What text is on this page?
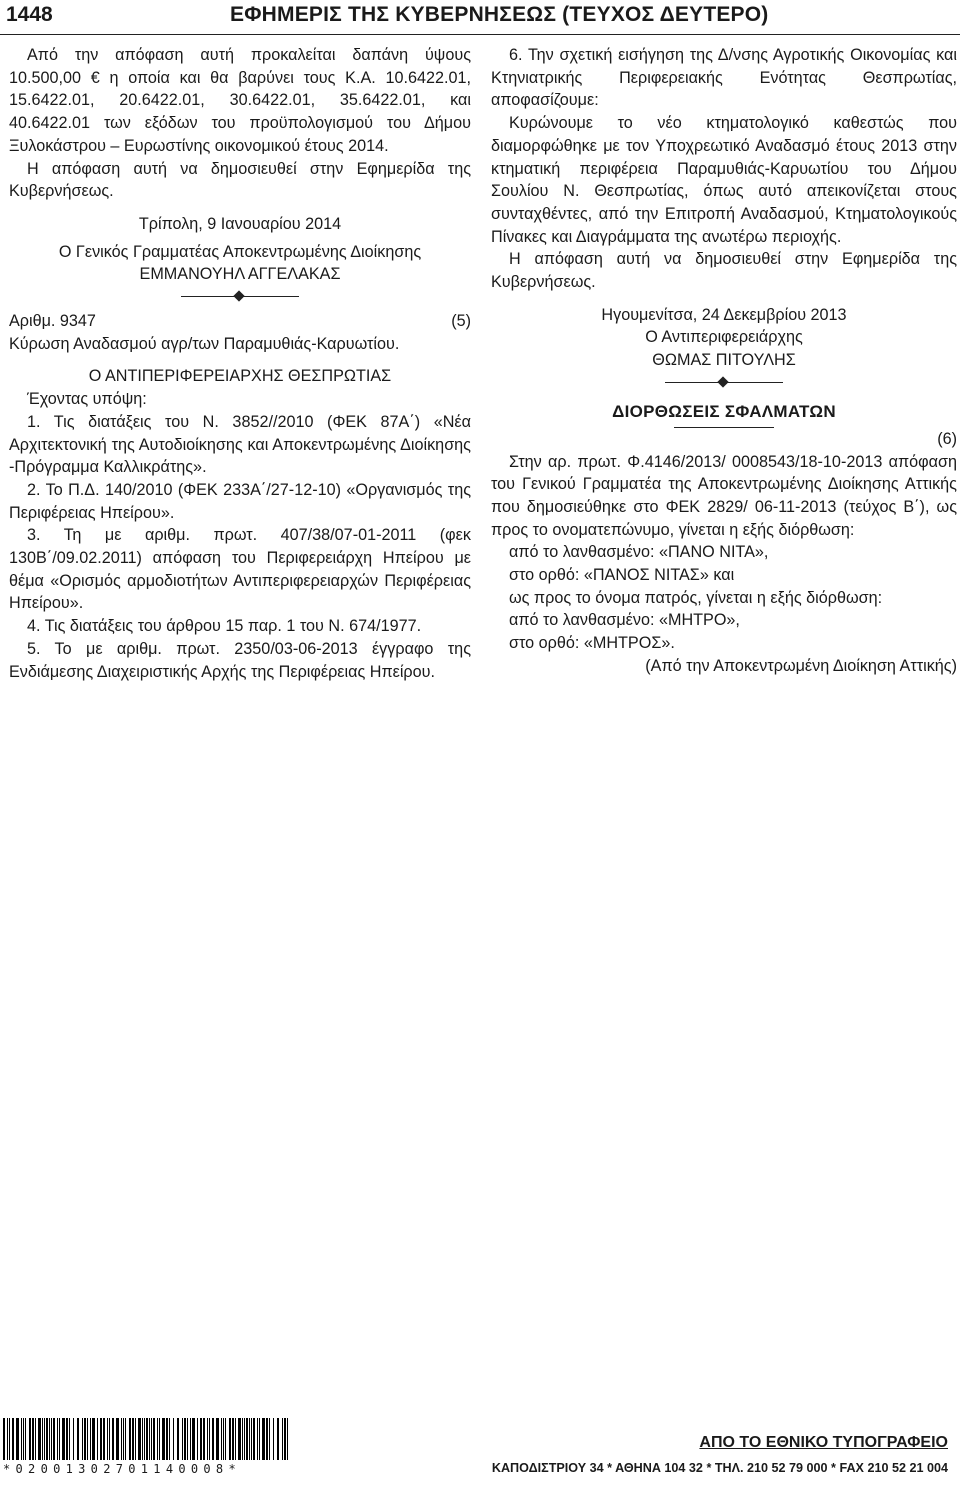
1448	ΕΦΗΜΕΡΙΣ ΤΗΣ ΚΥΒΕΡΝΗΣΕΩΣ (ΤΕΥΧΟΣ ΔΕΥΤΕΡΟ)

Από την απόφαση αυτή προκαλείται δαπάνη ύψους 10.500,00 € η οποία και θα βαρύνει τους Κ.Α. 10.6422.01, 15.6422.01, 20.6422.01, 30.6422.01, 35.6422.01, και 40.6422.01 των εξόδων του προϋπολογισμού του Δήμου Ξυλοκάστρου – Ευρωστίνης οικονομικού έτους 2014.

Η απόφαση αυτή να δημοσιευθεί στην Εφημερίδα της Κυβερνήσεως.

Τρίπολη, 9 Ιανουαρίου 2014

Ο Γενικός Γραμματέας Αποκεντρωμένης Διοίκησης

ΕΜΜΑΝΟΥΗΛ ΑΓΓΕΛΑΚΑΣ

Αριθμ. 9347	(5)

Κύρωση Αναδασμού αγρ/των Παραμυθιάς-Καρυωτίου.

Ο ΑΝΤΙΠΕΡΙΦΕΡΕΙΑΡΧΗΣ ΘΕΣΠΡΩΤΙΑΣ

Έχοντας υπόψη:

1. Τις διατάξεις του Ν. 3852//2010 (ΦΕΚ 87Α΄) «Νέα Αρχιτεκτονική της Αυτοδιοίκησης και Αποκεντρωμένης Διοίκησης -Πρόγραμμα Καλλικράτης».

2. Το Π.Δ. 140/2010 (ΦΕΚ 233Α΄/27-12-10) «Οργανισμός της Περιφέρειας Ηπείρου».

3. Τη με αριθμ. πρωτ. 407/38/07-01-2011 (φεκ 130Β΄/09.02.2011) απόφαση του Περιφερειάρχη Ηπείρου με θέμα «Ορισμός αρμοδιοτήτων Αντιπεριφερειαρχών Περιφέρειας Ηπείρου».

4. Τις διατάξεις του άρθρου 15 παρ. 1 του Ν. 674/1977.

5. Το με αριθμ. πρωτ. 2350/03-06-2013 έγγραφο της Ενδιάμεσης Διαχειριστικής Αρχής της Περιφέρειας Ηπείρου.

6. Την σχετική εισήγηση της Δ/νσης Αγροτικής Οικονομίας και Κτηνιατρικής Περιφερειακής Ενότητας Θεσπρωτίας, αποφασίζουμε:

Κυρώνουμε το νέο κτηματολογικό καθεστώς που διαμορφώθηκε με τον Υποχρεωτικό Αναδασμό έτους 2013 στην κτηματική περιφέρεια Παραμυθιάς-Καρυωτίου του Δήμου Σουλίου Ν. Θεσπρωτίας, όπως αυτό απεικονίζεται στους συνταχθέντες, από την Επιτροπή Αναδασμού, Κτηματολογικούς Πίνακες και Διαγράμματα της ανωτέρω περιοχής.

Η απόφαση αυτή να δημοσιευθεί στην Εφημερίδα της Κυβερνήσεως.

Ηγουμενίτσα, 24 Δεκεμβρίου 2013

Ο Αντιπεριφερειάρχης

ΘΩΜΑΣ ΠΙΤΟΥΛΗΣ

ΔΙΟΡΘΩΣΕΙΣ ΣΦΑΛΜΑΤΩΝ

(6)

Στην αρ. πρωτ. Φ.4146/2013/ 0008543/18-10-2013 απόφαση του Γενικού Γραμματέα της Αποκεντρωμένης Διοίκησης Αττικής που δημοσιεύθηκε στο ΦΕΚ 2829/ 06-11-2013 (τεύχος Β΄), ως προς το ονοματεπώνυμο, γίνεται η εξής διόρθωση:

από το λανθασμένο: «ΠΑΝΟ ΝΙΤΑ»,

στο ορθό: «ΠΑΝΟΣ ΝΙΤΑΣ» και

ως προς το όνομα πατρός, γίνεται η εξής διόρθωση:

από το λανθασμένο: «ΜΗΤΡΟ»,

στο ορθό: «ΜΗΤΡΟΣ».

(Από την Αποκεντρωμένη Διοίκηση Αττικής)

*02001302701140008*
ΑΠΟ ΤΟ ΕΘΝΙΚΟ ΤΥΠΟΓΡΑΦΕΙΟ
ΚΑΠΟΔΙΣΤΡΙΟΥ 34 * ΑΘΗΝΑ 104 32 * ΤΗΛ. 210 52 79 000 * FAX 210 52 21 004
